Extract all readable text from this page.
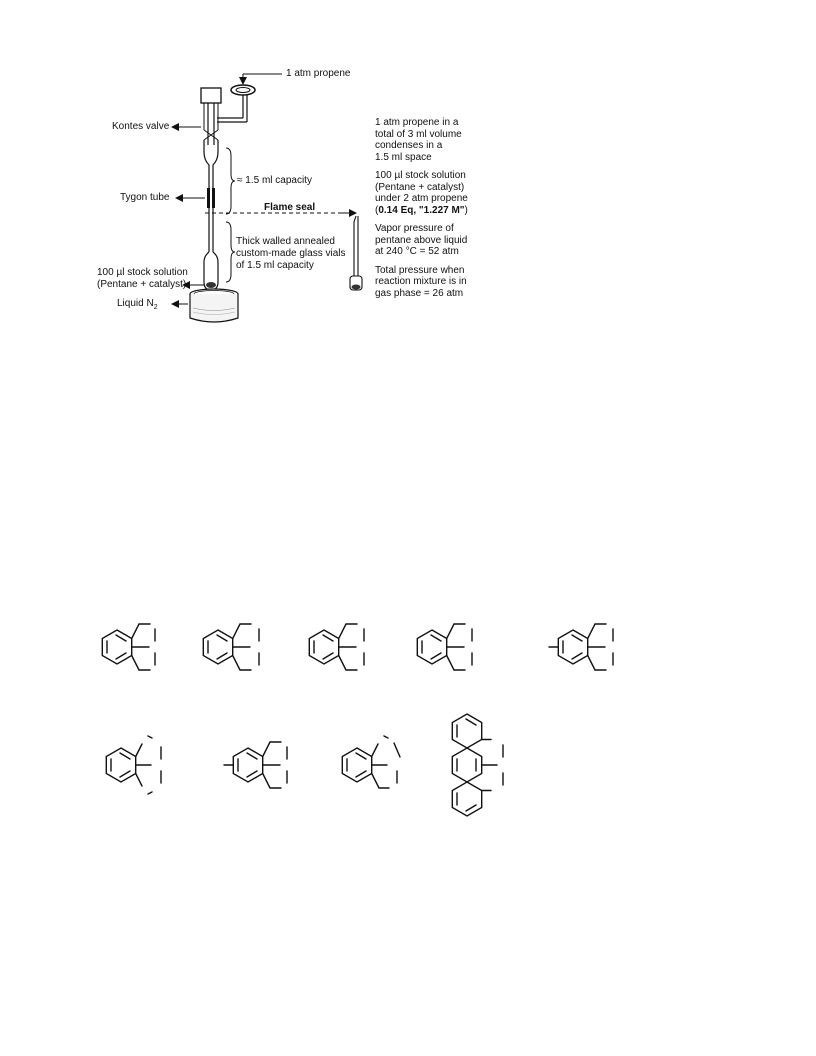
1 atm propene
Kontes valve
Tygon tube
≈ 1.5 ml capacity
Flame seal
Thick walled annealed
custom-made glass vials
of 1.5 ml capacity
100 µl stock solution
(Pentane + catalyst)
Liquid $N_2$
1 atm propene in a
total of 3 ml volume
condenses in a
1.5 ml space
100 µl stock solution
(Pentane + catalyst)
under 2 atm propene
(0.14 Eq, "1.227 M")
Vapor pressure of
pentane above liquid
at 240 °C = 52 atm
Total pressure when
reaction mixture is in
gas phase = 26 atm
